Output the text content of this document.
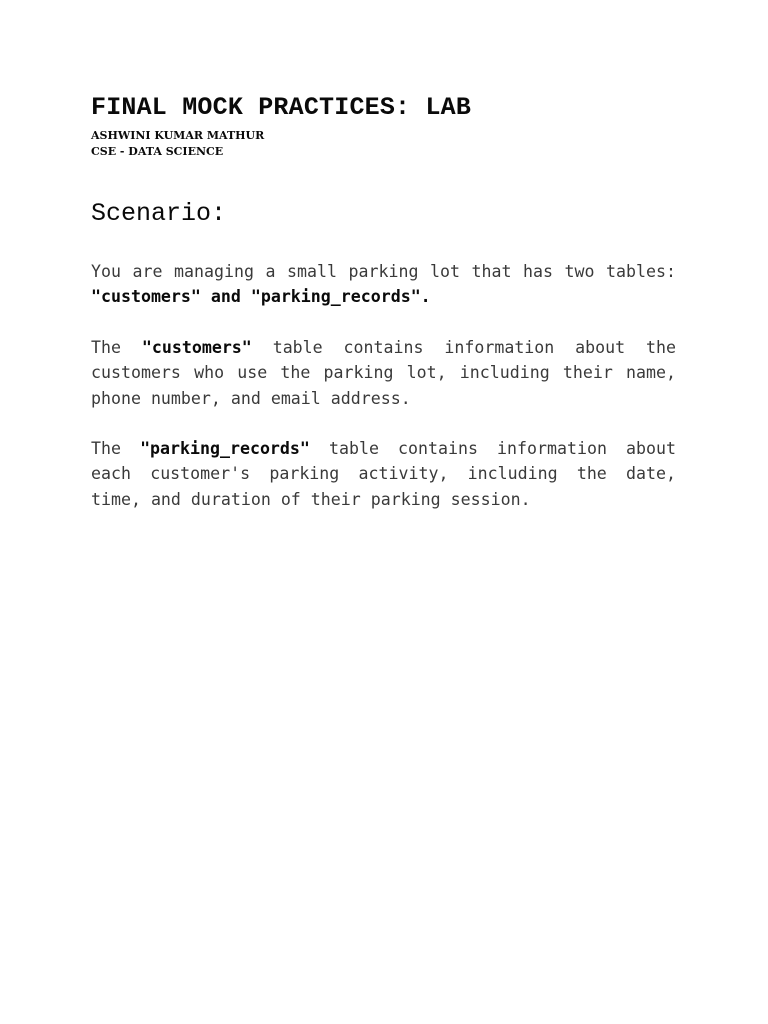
FINAL MOCK PRACTICES: LAB
ASHWINI KUMAR MATHUR
CSE - DATA SCIENCE
Scenario:

You are managing a small parking lot that has two tables: "customers" and "parking_records".

The "customers" table contains information about the customers who use the parking lot, including their name, phone number, and email address.

The "parking_records" table contains information about each customer's parking activity, including the date, time, and duration of their parking session.
